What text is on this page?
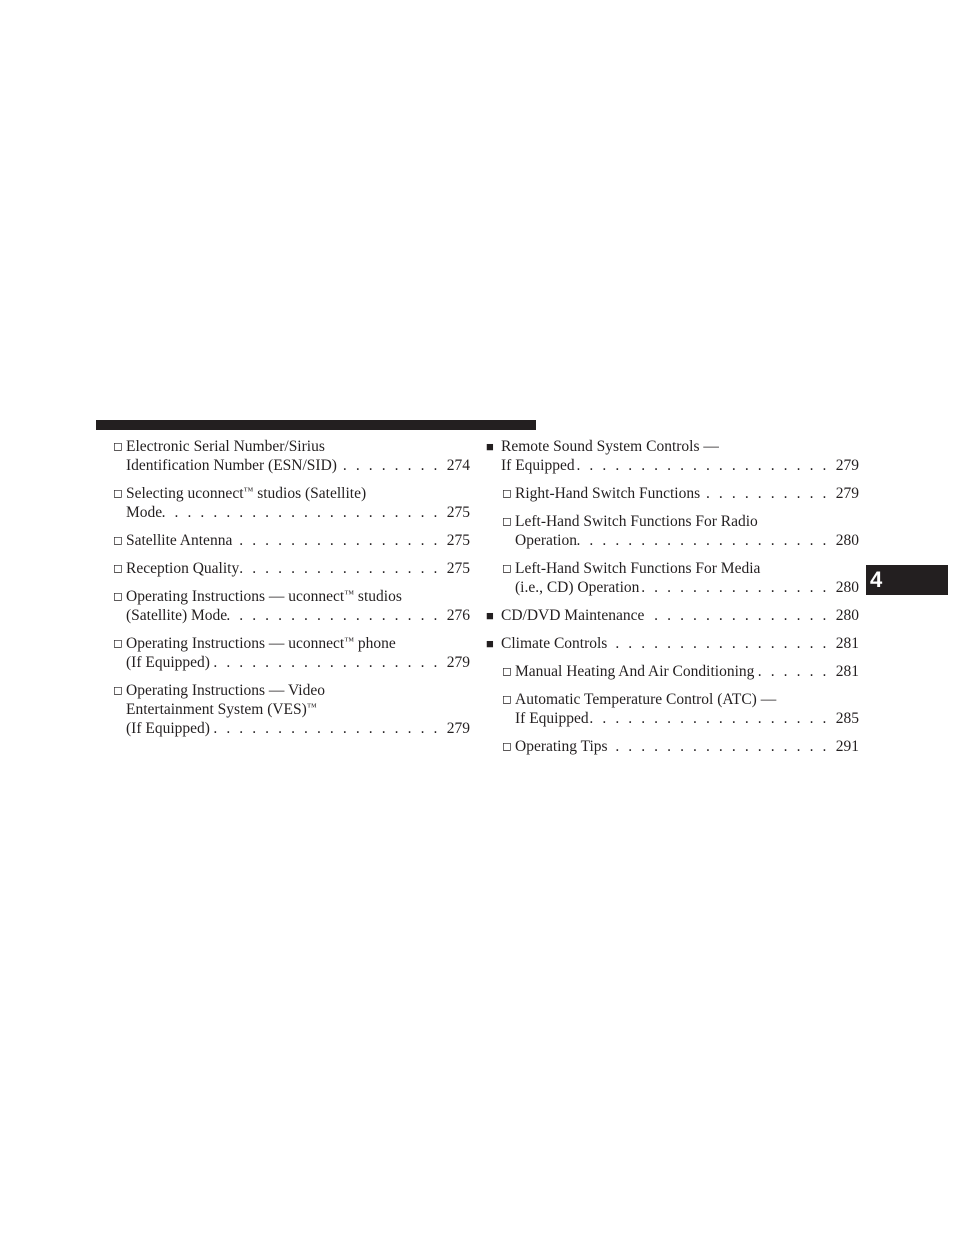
◻ Electronic Serial Number/Sirius
Identification Number (ESN/SID) . . .	274
◻ Selecting uconnect™ studios (Satellite)
Mode . . .	275
◻ Satellite Antenna . . .	275
◻ Reception Quality . . .	275
◻ Operating Instructions — uconnect™ studios
(Satellite) Mode . . .	276
◻ Operating Instructions — uconnect™ phone
(If Equipped) . . .	279
◻ Operating Instructions — Video
Entertainment System (VES)™
(If Equipped) . . .	279
■ Remote Sound System Controls —
If Equipped . . .	279
◻ Right-Hand Switch Functions . . .	279
◻ Left-Hand Switch Functions For Radio
Operation . . .	280
◻ Left-Hand Switch Functions For Media
(i.e., CD) Operation . . .	280
■ CD/DVD Maintenance . . .	280
■ Climate Controls . . .	281
◻ Manual Heating And Air Conditioning . . .	281
◻ Automatic Temperature Control (ATC) —
If Equipped . . .	285
◻ Operating Tips . . .	291
4
